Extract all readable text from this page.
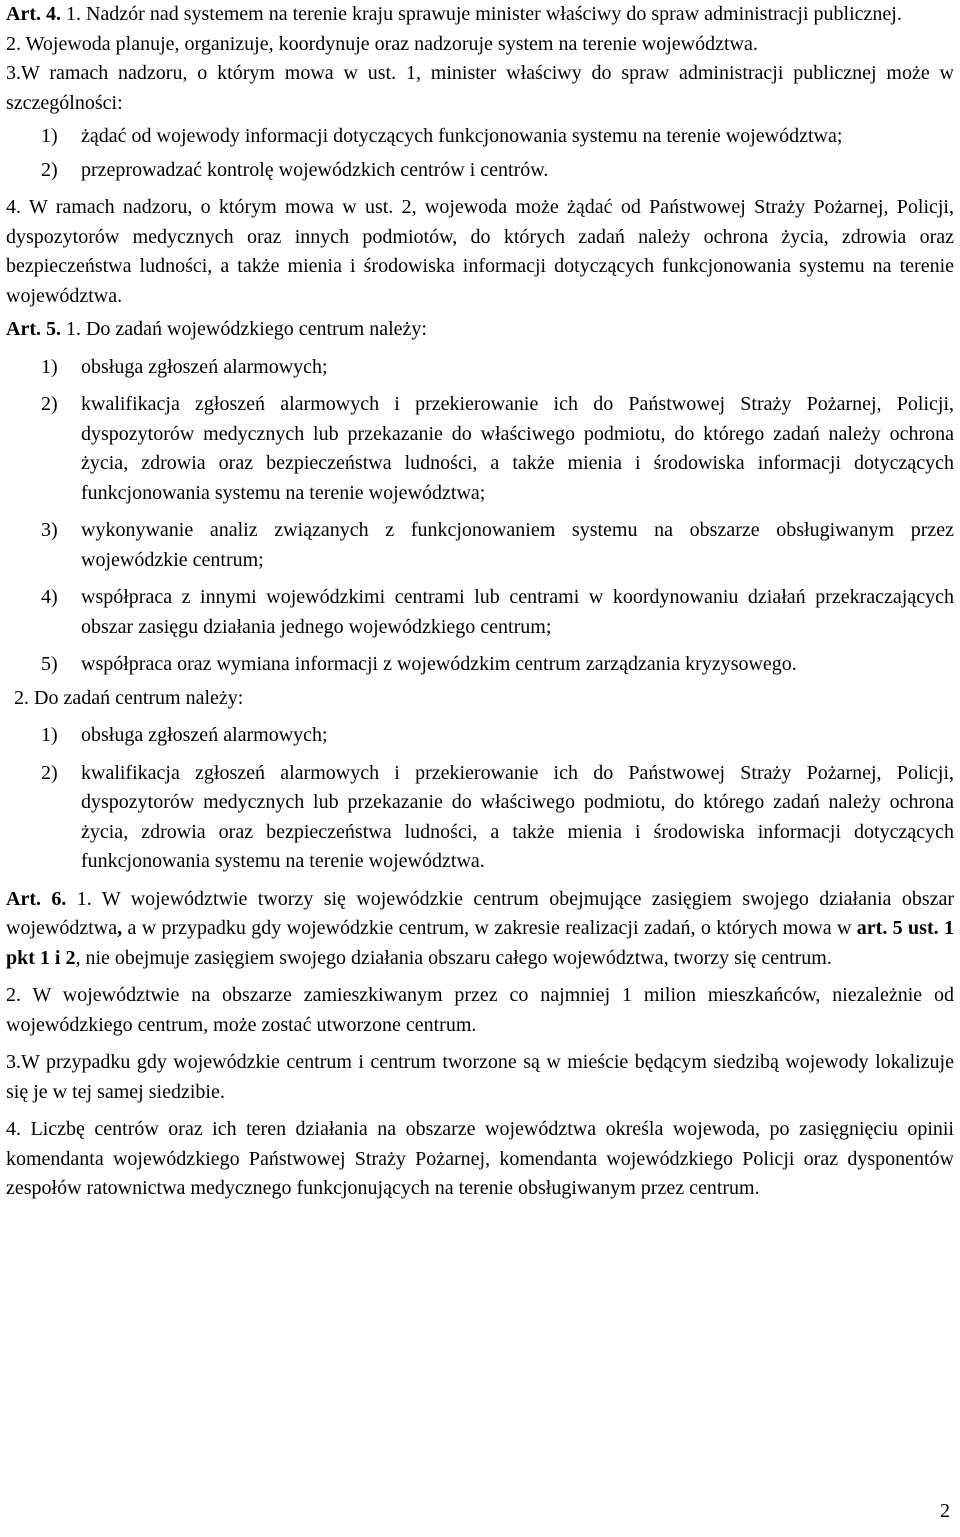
Art. 4. 1. Nadzór nad systemem na terenie kraju sprawuje minister właściwy do spraw administracji publicznej.

2. Wojewoda planuje, organizuje, koordynuje oraz nadzoruje system na terenie województwa.

3.W ramach nadzoru, o którym mowa w ust. 1, minister właściwy do spraw administracji publicznej może w szczególności:

1) żądać od wojewody informacji dotyczących funkcjonowania systemu na terenie województwa;
2) przeprowadzać kontrolę wojewódzkich centrów i centrów.

4. W ramach nadzoru, o którym mowa w ust. 2, wojewoda może żądać od Państwowej Straży Pożarnej, Policji, dyspozytorów medycznych oraz innych podmiotów, do których zadań należy ochrona życia, zdrowia oraz bezpieczeństwa ludności, a także mienia i środowiska informacji dotyczących funkcjonowania systemu na terenie województwa.

Art. 5. 1. Do zadań wojewódzkiego centrum należy:

1) obsługa zgłoszeń alarmowych;
2) kwalifikacja zgłoszeń alarmowych i przekierowanie ich do Państwowej Straży Pożarnej, Policji, dyspozytorów medycznych lub przekazanie do właściwego podmiotu, do którego zadań należy ochrona życia, zdrowia oraz bezpieczeństwa ludności, a także mienia i środowiska informacji dotyczących funkcjonowania systemu na terenie województwa;
3) wykonywanie analiz związanych z funkcjonowaniem systemu na obszarze obsługiwanym przez wojewódzkie centrum;
4) współpraca z innymi wojewódzkimi centrami lub centrami w koordynowaniu działań przekraczających obszar zasięgu działania jednego wojewódzkiego centrum;
5) współpraca oraz wymiana informacji z wojewódzkim centrum zarządzania kryzysowego.

2. Do zadań centrum należy:

1) obsługa zgłoszeń alarmowych;
2) kwalifikacja zgłoszeń alarmowych i przekierowanie ich do Państwowej Straży Pożarnej, Policji, dyspozytorów medycznych lub przekazanie do właściwego podmiotu, do którego zadań należy ochrona życia, zdrowia oraz bezpieczeństwa ludności, a także mienia i środowiska informacji dotyczących funkcjonowania systemu na terenie województwa.

Art. 6. 1. W województwie tworzy się wojewódzkie centrum obejmujące zasięgiem swojego działania obszar województwa, a w przypadku gdy wojewódzkie centrum, w zakresie realizacji zadań, o których mowa w art. 5 ust. 1 pkt 1 i 2, nie obejmuje zasięgiem swojego działania obszaru całego województwa, tworzy się centrum.

2. W województwie na obszarze zamieszkiwanym przez co najmniej 1 milion mieszkańców, niezależnie od wojewódzkiego centrum, może zostać utworzone centrum.

3.W przypadku gdy wojewódzkie centrum i centrum tworzone są w mieście będącym siedzibą wojewody lokalizuje się je w tej samej siedzibie.

4. Liczbę centrów oraz ich teren działania na obszarze województwa określa wojewoda, po zasięgnięciu opinii komendanta wojewódzkiego Państwowej Straży Pożarnej, komendanta wojewódzkiego Policji oraz dysponentów zespołów ratownictwa medycznego funkcjonujących na terenie obsługiwanym przez centrum.

2
